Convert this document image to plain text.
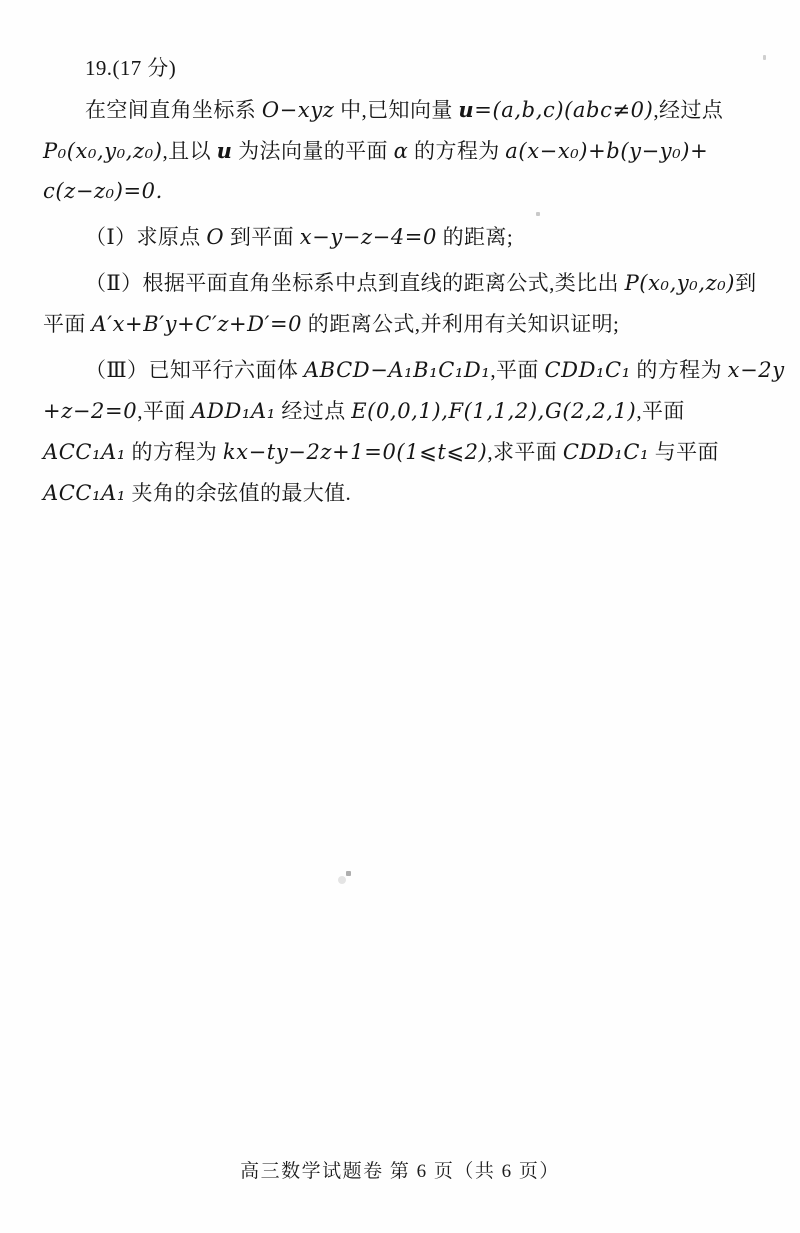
19.(17 分)
在空间直角坐标系 O−xyz 中,已知向量 u=(a,b,c)(abc≠0),经过点
P₀(x₀,y₀,z₀),且以 u 为法向量的平面 α 的方程为 a(x−x₀)+b(y−y₀)+
c(z−z₀)=0.
（Ⅰ）求原点 O 到平面 x−y−z−4=0 的距离;
（Ⅱ）根据平面直角坐标系中点到直线的距离公式,类比出 P(x₀,y₀,z₀)到
平面 A′x+B′y+C′z+D′=0 的距离公式,并利用有关知识证明;
（Ⅲ）已知平行六面体 ABCD−A₁B₁C₁D₁,平面 CDD₁C₁ 的方程为 x−2y
+z−2=0,平面 ADD₁A₁ 经过点 E(0,0,1),F(1,1,2),G(2,2,1),平面
ACC₁A₁ 的方程为 kx−ty−2z+1=0(1⩽t⩽2),求平面 CDD₁C₁ 与平面
ACC₁A₁ 夹角的余弦值的最大值.
高三数学试题卷 第 6 页（共 6 页）
